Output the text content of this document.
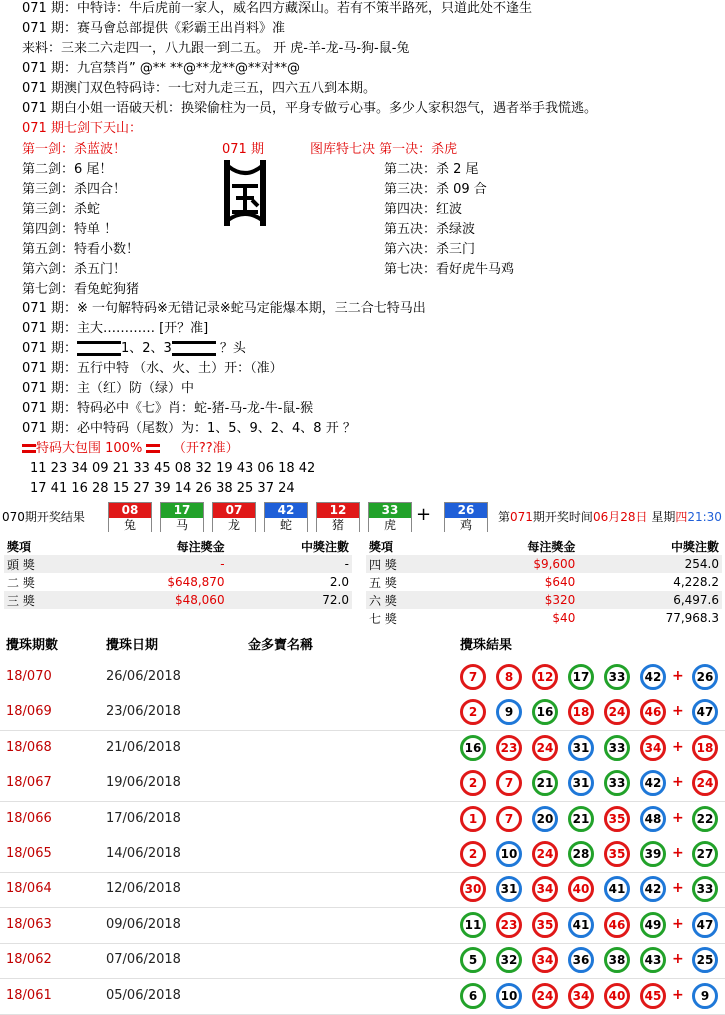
071 期：中特诗：牛后虎前一家人，威名四方藏深山。若有不策半路死，只道此处不逢生
071 期：赛马會总部提供《彩霸王出肖料》准
来料：三来二六走四一，八九跟一到二五。 开 虎-羊-龙-马-狗-鼠-兔
071 期：九宫禁肖” @** **@**龙**@**对**@
071 期澳门双色特码诗：一七对九走三五，四六五八到本期。
071 期白小姐一语破天机：换梁偷柱为一员，平身专做亏心事。多少人家积怨气，遇者举手我慌逃。
071 期七剑下天山：
第一剑：杀蓝波！
第二剑：6 尾！
第三剑：杀四合！
第三剑：杀蛇
第四剑：特单 ！
第五剑：特看小数！
第六剑：杀五门！
第七剑：看兔蛇狗猪
071 期	图库特七决 第一决：杀虎
第二决：杀 2 尾
第三决：杀 09 合
第四决：红波
第五决：杀绿波
第六决：杀三门
第七决：看好虎牛马鸡
071 期：※ 一句解特码※无错记录※蛇马定能爆本期，三二合七特马出
071 期：主大………… [开？准]
071 期：	1、2、3	？头
071 期：五行中特 （水、火、土）开：（准）
071 期：主（红）防（绿）中
071 期：特码必中《七》肖：蛇-猪-马-龙-牛-鼠-猴
071 期：必中特码（尾数）为：1、5、9、2、4、8 开 ？
特码大包围 100% （开??准）
11 23 34 09 21 33 45 08 32 19 43 06 18 42
17 41 16 28 15 27 39 14 26 38 25 37 24
070期开奖结果	08
兔
17
马
07
龙
42
蛇
12
猪
33
虎
26
鸡
+	第071期开奖时间06月28日 星期四21:30
獎項	每注獎金	中獎注數
頭 獎	-	-
二 獎	$648,870	2.0
三 獎	$48,060	72.0
獎項	每注獎金	中獎注數
四 獎	$9,600	254.0
五 獎	$640	4,228.2
六 獎	$320	6,497.6
七 獎	$40	77,968.3
攪珠期數	攪珠日期	金多寶名稱	攪珠結果
18/070	26/06/2018	7	8	12	17	33	42 +	26
18/069	23/06/2018	2	9	16	18	24	46 +	47
18/068	21/06/2018	16	23	24	31	33	34 +	18
18/067	19/06/2018	2	7	21	31	33	42 +	24
18/066	17/06/2018	1	7	20	21	35	48 +	22
18/065	14/06/2018	2	10	24	28	35	39 +	27
18/064	12/06/2018	30	31	34	40	41	42 +	33
18/063	09/06/2018	11	23	35	41	46	49 +	47
18/062	07/06/2018	5	32	34	36	38	43 +	25
18/061	05/06/2018	6	10	24	34	40	45 +	9
